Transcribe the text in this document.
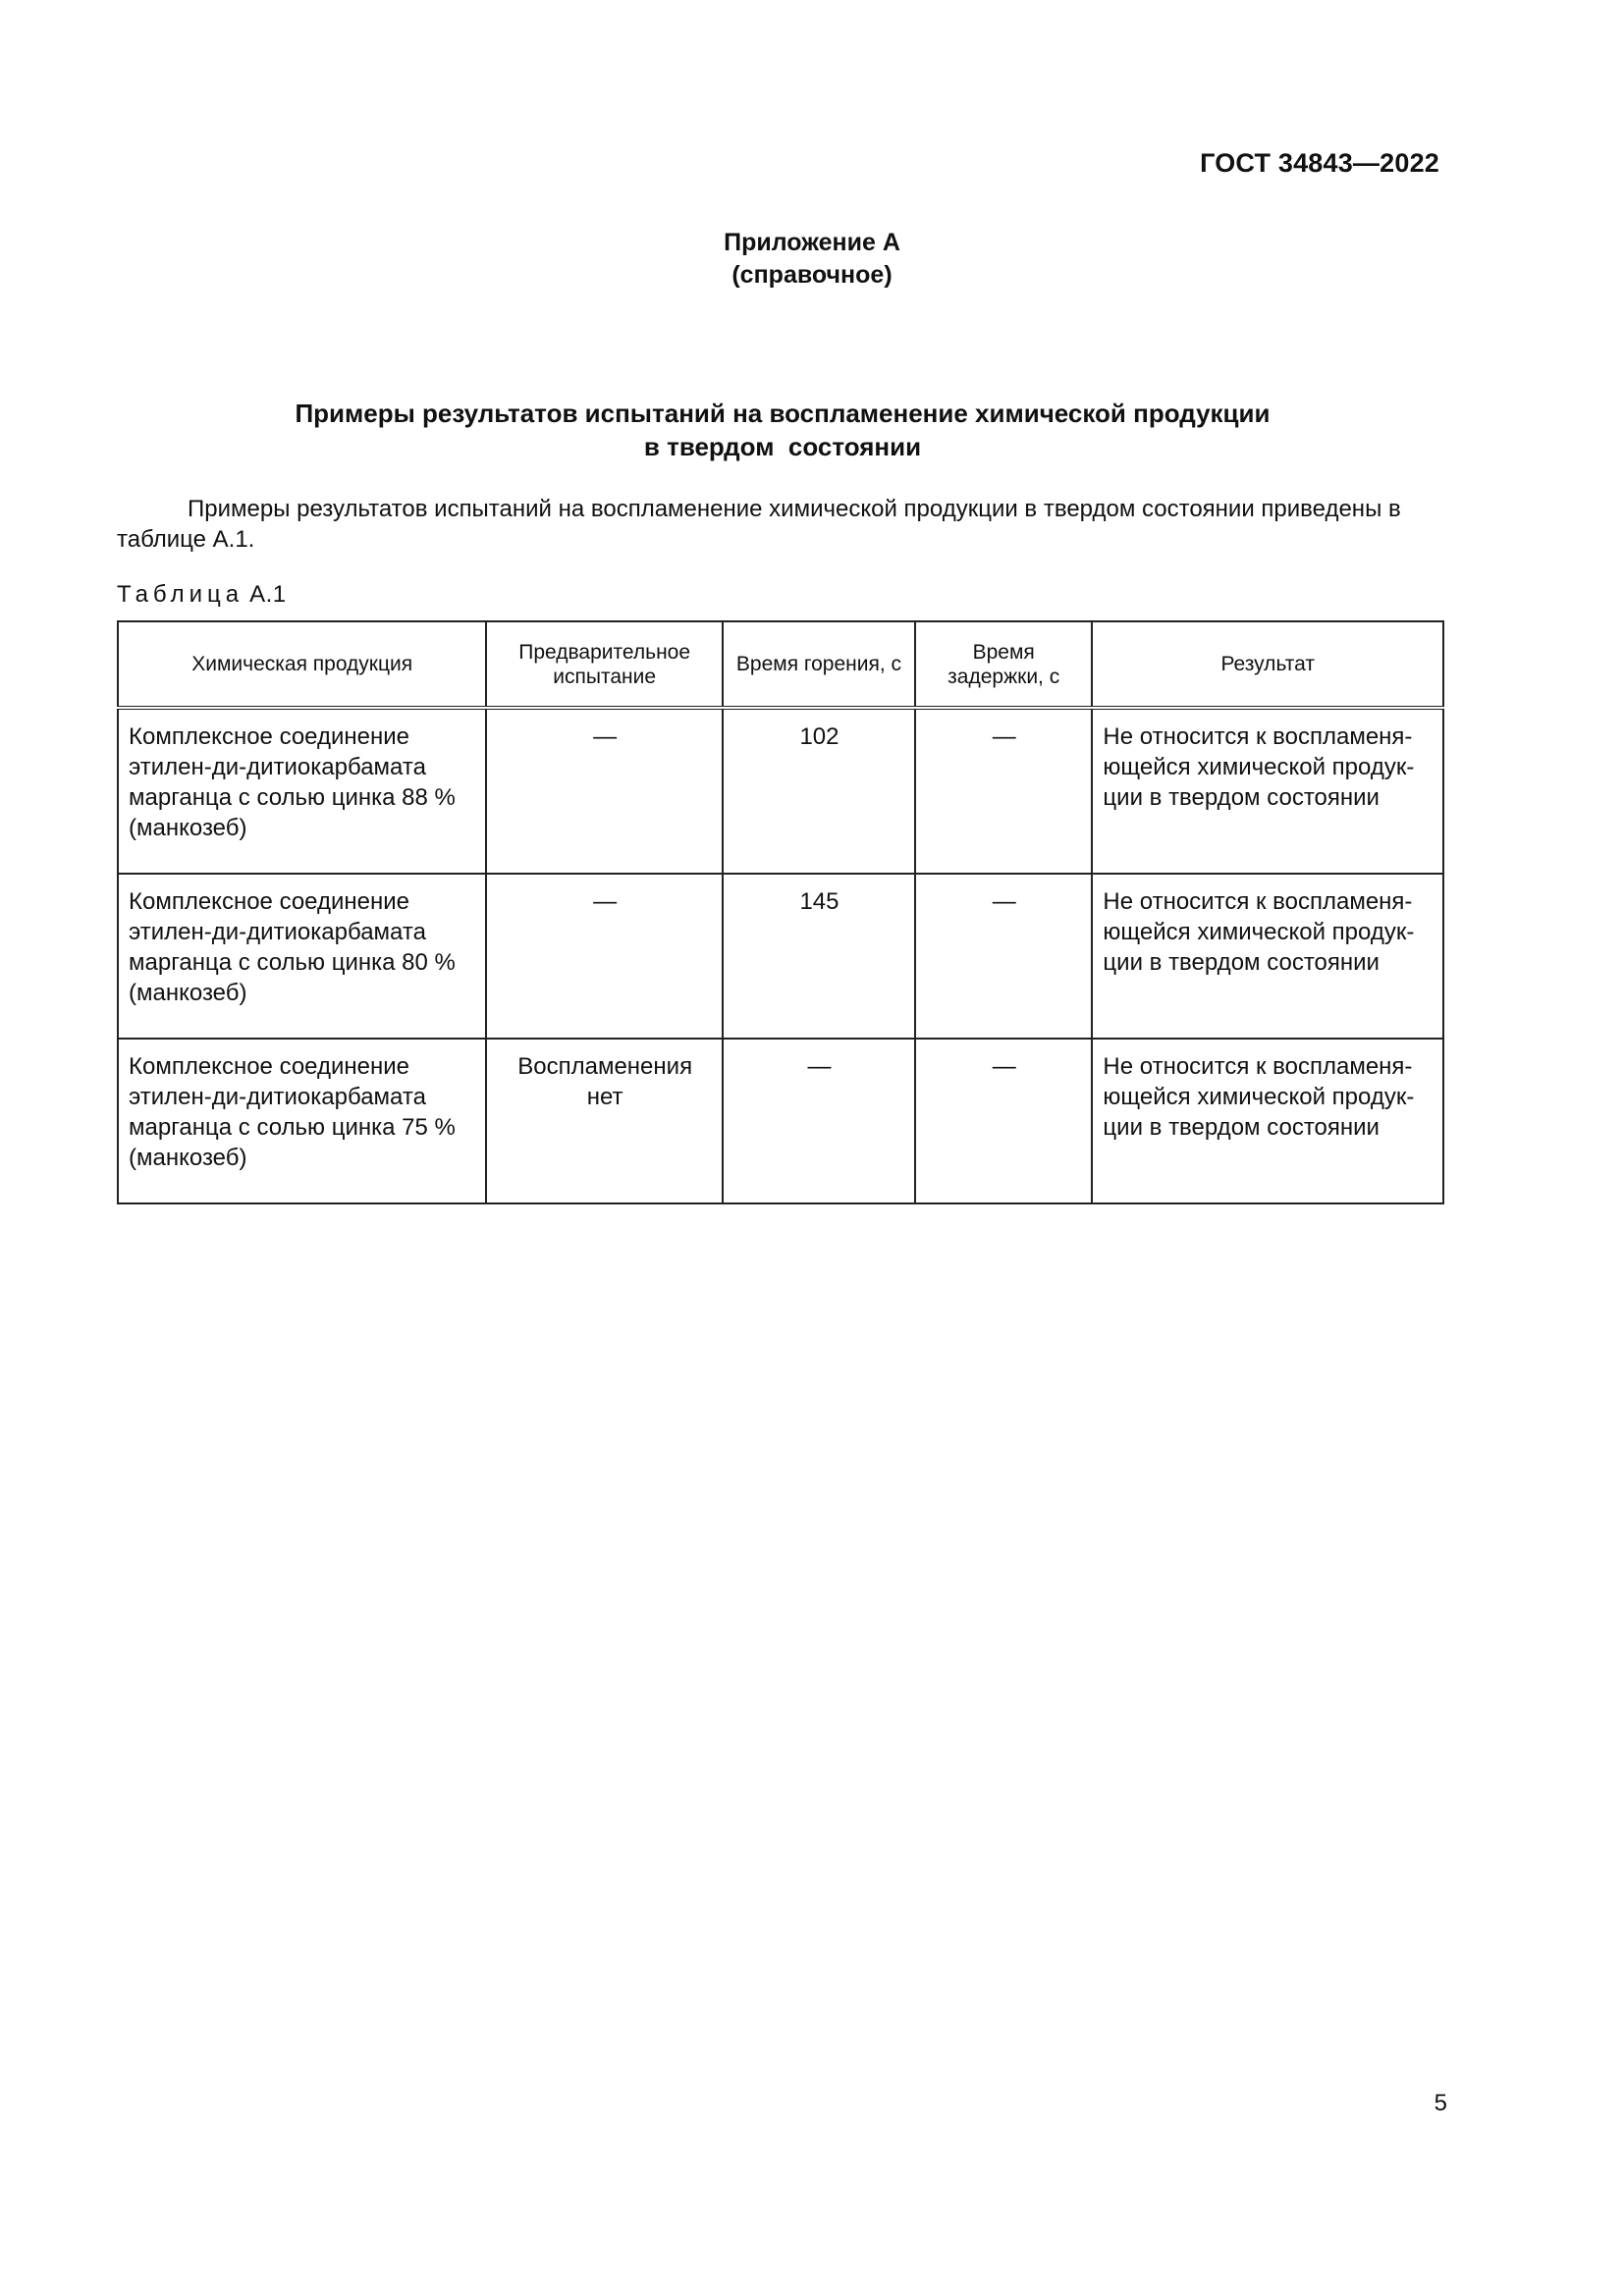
ГОСТ 34843—2022
Приложение А
(справочное)
Примеры результатов испытаний на воспламенение химической продукции
в твердом  состоянии

Примеры результатов испытаний на воспламенение химической продукции в твердом состоянии приведены в таблице А.1.

Таблица А.1
Химическая продукция	Предварительное испытание	Время горения, с	Время задержки, с	Результат
Комплексное соединение этилен-ди-дитиокарбамата марганца с солью цинка 88 % (манкозеб)	—	102	—	Не относится к воспламеня-ющейся химической продук-ции в твердом состоянии
Комплексное соединение этилен-ди-дитиокарбамата марганца с солью цинка 80 % (манкозеб)	—	145	—	Не относится к воспламеня-ющейся химической продук-ции в твердом состоянии
Комплексное соединение этилен-ди-дитиокарбамата марганца с солью цинка 75 % (манкозеб)	Воспламенения нет	—	—	Не относится к воспламеня-ющейся химической продук-ции в твердом состоянии
5
